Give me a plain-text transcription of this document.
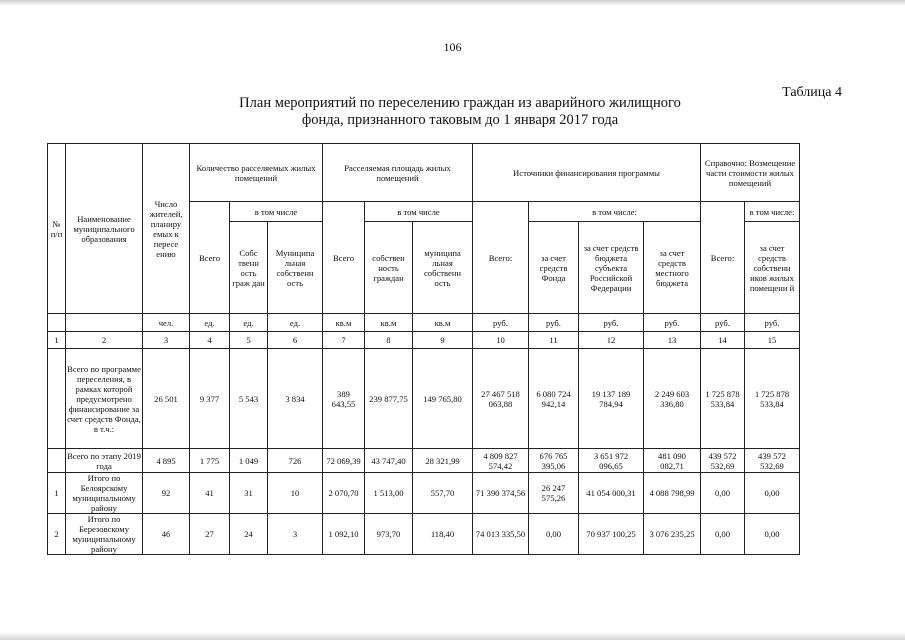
106
Таблица 4
План мероприятий по переселению граждан из аварийного жилищного фонда, признанного таковым до 1 января 2017 года
№ п/п	Наименование муниципального образования	Число жителей, планиру емых к пересе ению	Количество расселяемых жилых помещений			Расселяемая площадь жилых помещений			Источники финансирования программы				Справочно: Возмещение части стоимости жилых помещений	
			Всего	в том числе		Всего	в том числе		Всего:	в том числе:			Всего:	в том числе:
				Собс твенн ость граж дан	Муниципа льная собственн ость		собствен ность граждан	муниципа льная собственн ость		за счет средств Фонда	за счет средств бюджета субъекта Российской Федерации	за счет средств местного бюджета		за счет средств собственн иков жилых помещени й
		чел.	ед.	ед.	ед.	кв.м	кв.м	кв.м	руб.	руб.	руб.	руб.	руб.	руб.
1	2	3	4	5	6	7	8	9	10	11	12	13	14	15
	Всего по программе переселения, в рамках которой предусмотрено финансирование за счет средств Фонда, в т.ч.:	26 501	9 377	5 543	3 834	389 643,55	239 877,75	149 765,80	27 467 518 063,88	6 080 724 942,14	19 137 189 784,94	2 249 603 336,80	1 725 878 533,84	1 725 878 533,84
	Всего по этапу 2019 года	4 895	1 775	1 049	726	72 069,39	43 747,40	28 321,99	4 809 827 574,42	676 765 395,06	3 651 972 096,65	481 090 082,71	439 572 532,69	439 572 532,69
1	Итого по Белоярскому муниципальному району	92	41	31	10	2 070,70	1 513,00	557,70	71 390 374,56	26 247 575,26	41 054 000,31	4 088 798,99	0,00	0,00
2	Итого по Березовскому муниципальному району	46	27	24	3	1 092,10	973,70	118,40	74 013 335,50	0,00	70 937 100,25	3 076 235,25	0,00	0,00
